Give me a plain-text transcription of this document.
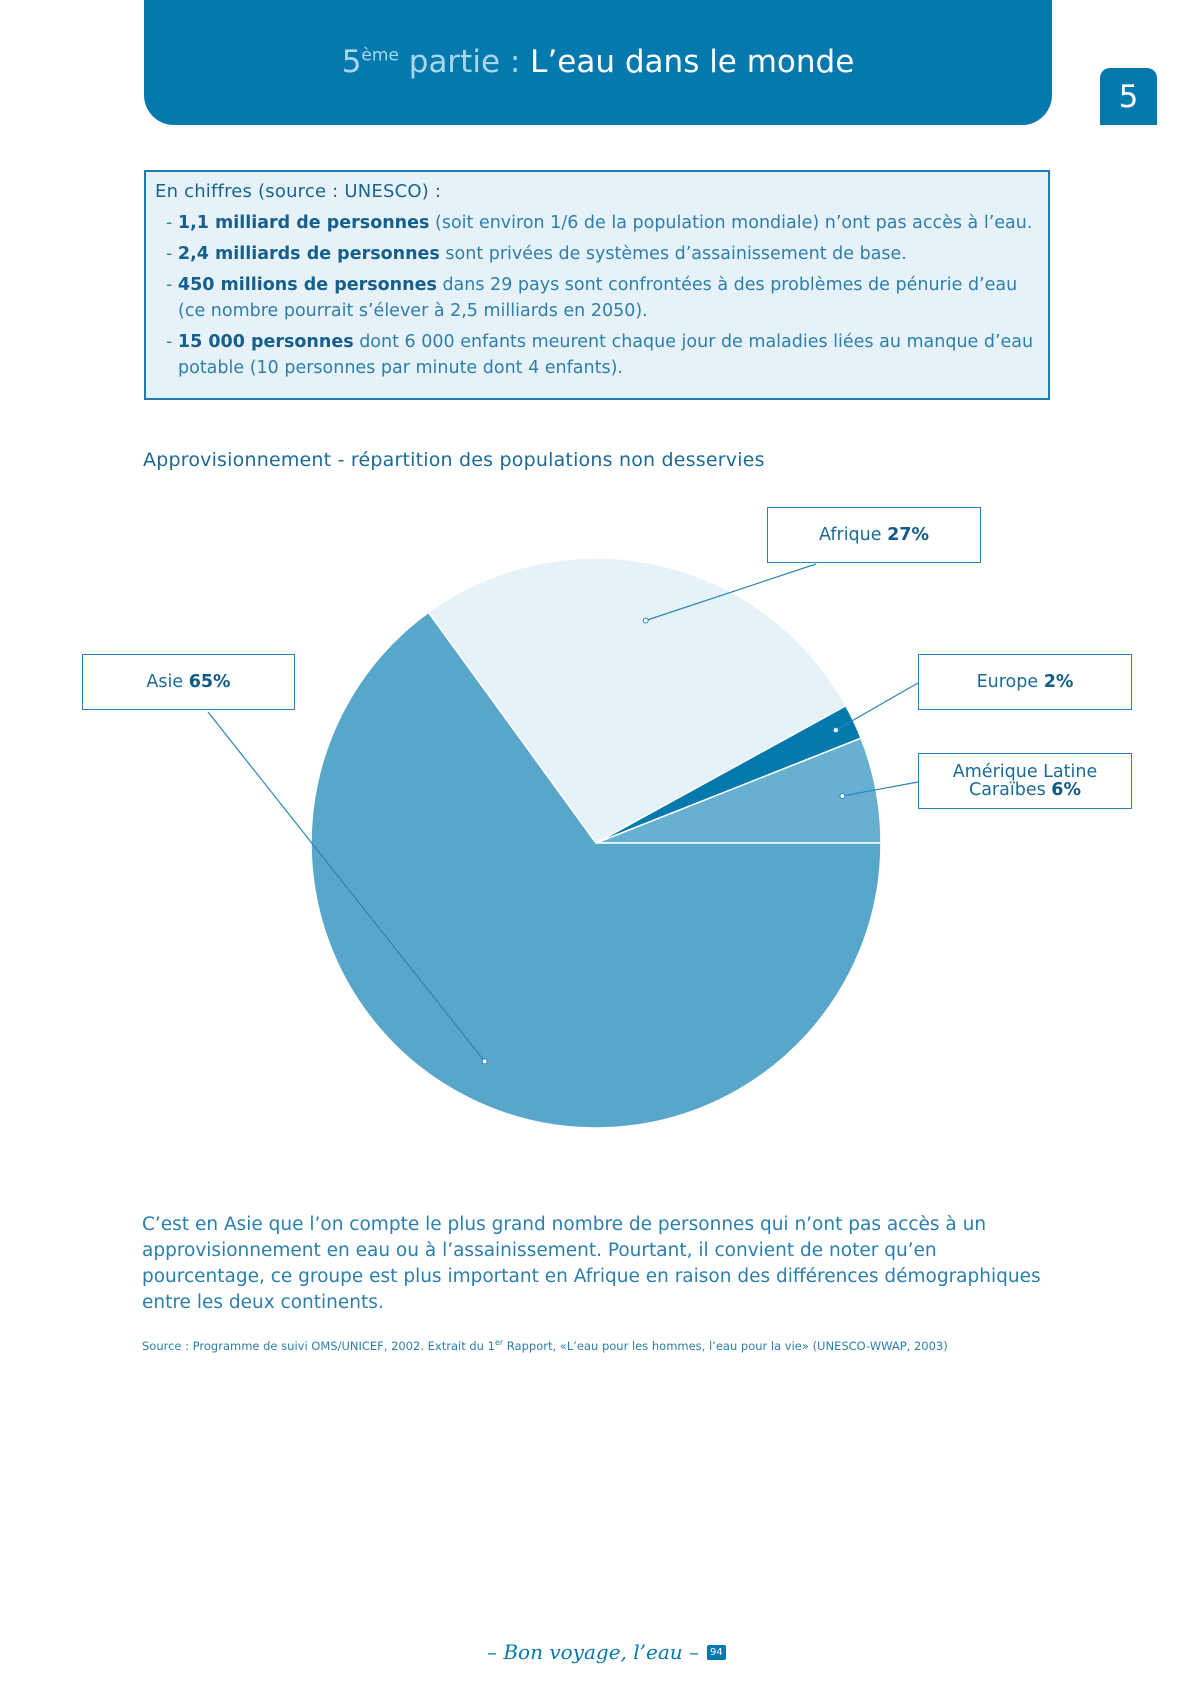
5ème partie : L’eau dans le monde
5

En chiffres (source : UNESCO) :

- 1,1 milliard de personnes (soit environ 1/6 de la population mondiale) n’ont pas accès à l’eau.
- 2,4 milliards de personnes sont privées de systèmes d’assainissement de base.
- 450 millions de personnes dans 29 pays sont confrontées à des problèmes de pénurie d’eau (ce nombre pourrait s’élever à 2,5 milliards en 2050).
- 15 000 personnes dont 6 000 enfants meurent chaque jour de maladies liées au manque d’eau potable (10 personnes par minute dont 4 enfants).
Approvisionnement - répartition des populations non desservies
Asie 65%
Afrique 27%
Europe 2%
Amérique Latine
Caraïbes 6%
C’est en Asie que l’on compte le plus grand nombre de personnes qui n’ont pas accès à un approvisionnement en eau ou à l’assainissement. Pourtant, il convient de noter qu’en pourcentage, ce groupe est plus important en Afrique en raison des différences démographiques entre les deux continents.
Source : Programme de suivi OMS/UNICEF, 2002. Extrait du 1er Rapport, «L’eau pour les hommes, l’eau pour la vie» (UNESCO-WWAP, 2003)
– Bon voyage, l’eau –	94
